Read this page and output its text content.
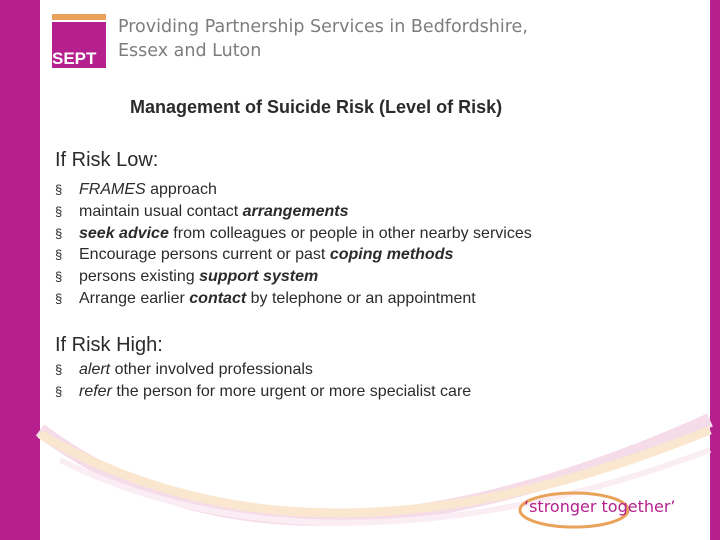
SEPT
Providing Partnership Services in Bedfordshire,
Essex and Luton
Management of Suicide Risk (Level of Risk)
If Risk Low:
§ FRAMES approach
§ maintain usual contact arrangements
§ seek advice from colleagues or people in other nearby services
§ Encourage persons current or past coping methods
§ persons existing support system
§ Arrange earlier contact by telephone or an appointment
If Risk High:
§ alert other involved professionals
§ refer the person for more urgent or more specialist care
‘stronger together’
